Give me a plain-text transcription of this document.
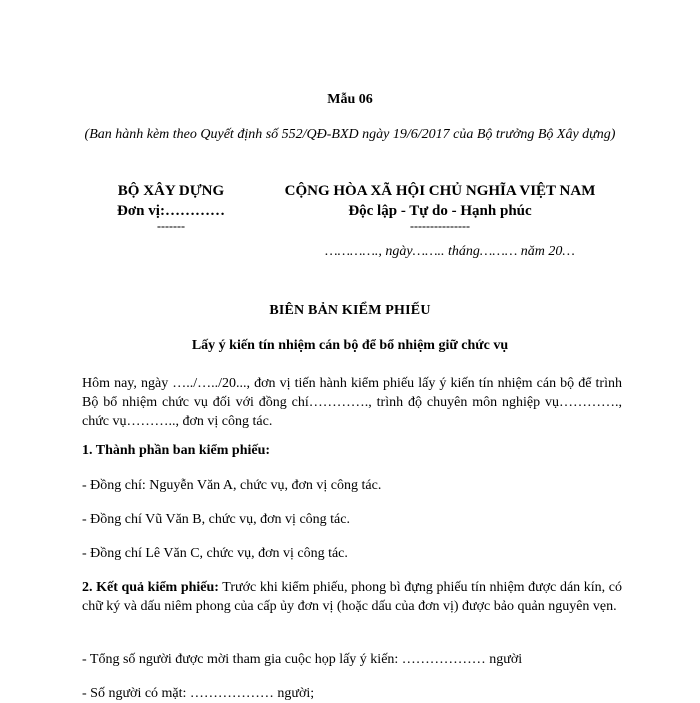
Mẫu 06
(Ban hành kèm theo Quyết định số 552/QĐ-BXD ngày 19/6/2017 của Bộ trưởng Bộ Xây dựng)
BỘ XÂY DỰNG
Đơn vị:…………
-------
CỘNG HÒA XÃ HỘI CHỦ NGHĨA VIỆT NAM
Độc lập - Tự do - Hạnh phúc
---------------
…………., ngày…….. tháng……… năm 20…
BIÊN BẢN KIỂM PHIẾU
Lấy ý kiến tín nhiệm cán bộ để bổ nhiệm giữ chức vụ
Hôm nay, ngày …../…../20..., đơn vị tiến hành kiểm phiếu lấy ý kiến tín nhiệm cán bộ để trình Bộ bổ nhiệm chức vụ đối với đồng chí…………., trình độ chuyên môn nghiệp vụ…………., chức vụ……….., đơn vị công tác.
1. Thành phần ban kiểm phiếu:
- Đồng chí: Nguyễn Văn A, chức vụ, đơn vị công tác.
- Đồng chí Vũ Văn B, chức vụ, đơn vị công tác.
- Đồng chí Lê Văn C, chức vụ, đơn vị công tác.
2. Kết quả kiểm phiếu: Trước khi kiểm phiếu, phong bì đựng phiếu tín nhiệm được dán kín, có chữ ký và dấu niêm phong của cấp ủy đơn vị (hoặc dấu của đơn vị) được bảo quản nguyên vẹn.
- Tổng số người được mời tham gia cuộc họp lấy ý kiến: ……………… người
- Số người có mặt: ……………… người;
